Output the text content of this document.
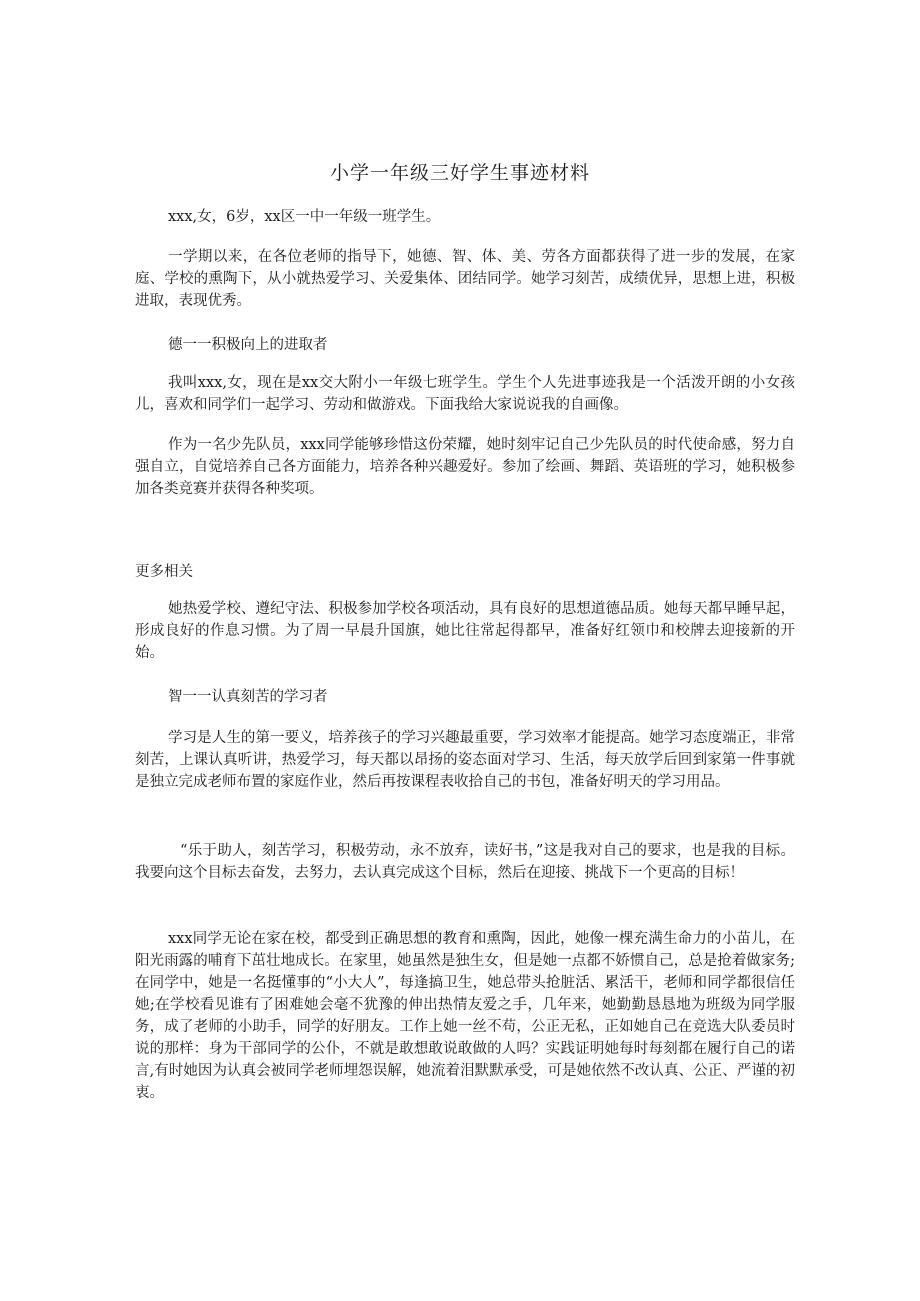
小学一年级三好学生事迹材料

xxx,女，6岁，xx区一中一年级一班学生。

一学期以来，在各位老师的指导下，她德、智、体、美、劳各方面都获得了进一步的发展，在家庭、学校的熏陶下，从小就热爱学习、关爱集体、团结同学。她学习刻苦，成绩优异，思想上进，积极进取，表现优秀。

德一一积极向上的进取者

我叫xxx,女，现在是xx交大附小一年级七班学生。学生个人先进事迹我是一个活泼开朗的小女孩儿，喜欢和同学们一起学习、劳动和做游戏。下面我给大家说说我的自画像。

作为一名少先队员，xxx同学能够珍惜这份荣耀，她时刻牢记自己少先队员的时代使命感，努力自强自立，自觉培养自己各方面能力，培养各种兴趣爱好。参加了绘画、舞蹈、英语班的学习，她积极参加各类竞赛并获得各种奖项。

更多相关

她热爱学校、遵纪守法、积极参加学校各项活动，具有良好的思想道德品质。她每天都早睡早起，形成良好的作息习惯。为了周一早晨升国旗，她比往常起得都早，准备好红领巾和校牌去迎接新的开始。

智一一认真刻苦的学习者

学习是人生的第一要义，培养孩子的学习兴趣最重要，学习效率才能提高。她学习态度端正，非常刻苦，上课认真听讲，热爱学习，每天都以昂扬的姿态面对学习、生活，每天放学后回到家第一件事就是独立完成老师布置的家庭作业，然后再按课程表收拾自己的书包，准备好明天的学习用品。

“乐于助人，刻苦学习，积极劳动，永不放弃，读好书，”这是我对自己的要求，也是我的目标。我要向这个目标去奋发，去努力，去认真完成这个目标，然后在迎接、挑战下一个更高的目标！

xxx同学无论在家在校，都受到正确思想的教育和熏陶，因此，她像一棵充满生命力的小苗儿，在阳光雨露的哺育下茁壮地成长。在家里，她虽然是独生女，但是她一点都不娇惯自己，总是抢着做家务;在同学中，她是一名挺懂事的“小大人”，每逢搞卫生，她总带头抢脏活、累活干，老师和同学都很信任她;在学校看见谁有了困难她会毫不犹豫的伸出热情友爱之手，几年来，她勤勤恳恳地为班级为同学服务，成了老师的小助手，同学的好朋友。工作上她一丝不苟，公正无私，正如她自己在竞选大队委员时说的那样：身为干部同学的公仆，不就是敢想敢说敢做的人吗？实践证明她每时每刻都在履行自己的诺言,有时她因为认真会被同学老师埋怨误解，她流着泪默默承受，可是她依然不改认真、公正、严谨的初衷。
